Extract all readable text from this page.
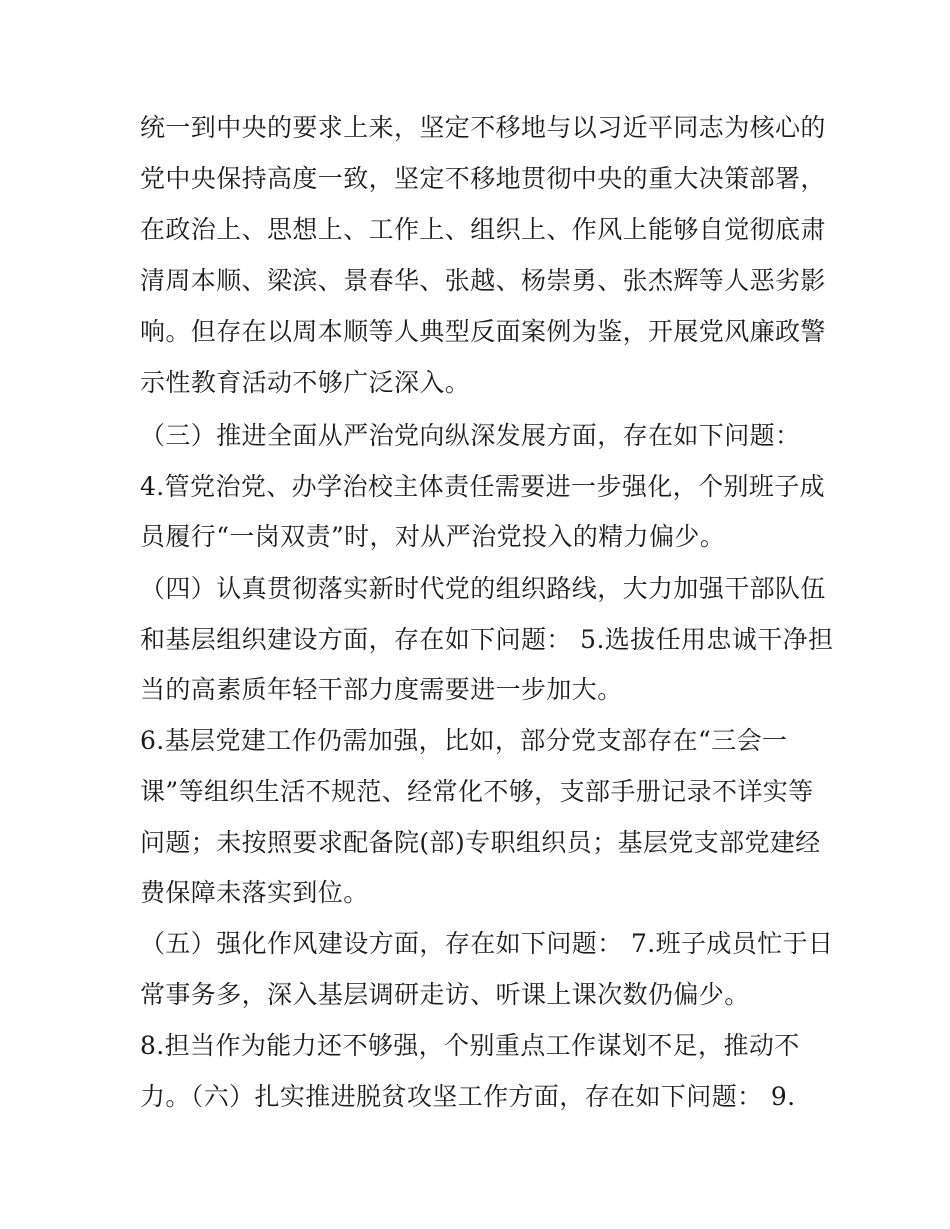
统一到中央的要求上来，坚定不移地与以习近平同志为核心的
党中央保持高度一致，坚定不移地贯彻中央的重大决策部署，
在政治上、思想上、工作上、组织上、作风上能够自觉彻底肃
清周本顺、梁滨、景春华、张越、杨崇勇、张杰辉等人恶劣影
响。但存在以周本顺等人典型反面案例为鉴，开展党风廉政警
示性教育活动不够广泛深入。
（三）推进全面从严治党向纵深发展方面，存在如下问题：
4.管党治党、办学治校主体责任需要进一步强化，个别班子成
员履行“一岗双责”时，对从严治党投入的精力偏少。
（四）认真贯彻落实新时代党的组织路线，大力加强干部队伍
和基层组织建设方面，存在如下问题： 5.选拔任用忠诚干净担
当的高素质年轻干部力度需要进一步加大。
6.基层党建工作仍需加强，比如，部分党支部存在“三会一
课”等组织生活不规范、经常化不够，支部手册记录不详实等
问题；未按照要求配备院(部)专职组织员；基层党支部党建经
费保障未落实到位。
（五）强化作风建设方面，存在如下问题： 7.班子成员忙于日
常事务多，深入基层调研走访、听课上课次数仍偏少。
8.担当作为能力还不够强，个别重点工作谋划不足，推动不
力。（六）扎实推进脱贫攻坚工作方面，存在如下问题： 9.
